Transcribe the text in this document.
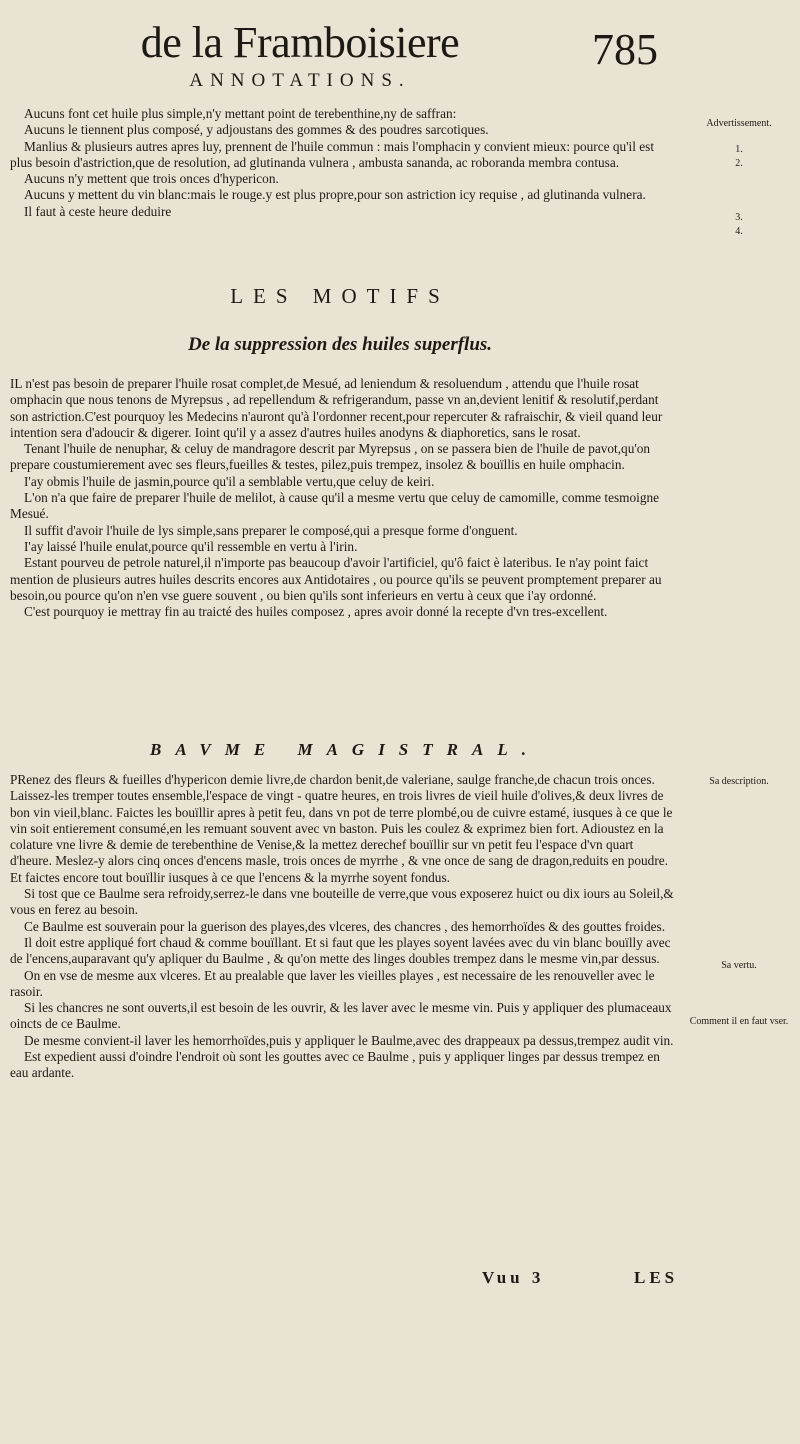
de la Framboisiere	785
ANNOTATIONS.

Aucuns font cet huile plus simple,n'y mettant point de terebenthine,ny de saffran:

Aucuns le tiennent plus composé, y adjoustans des gommes & des poudres sarcotiques.

Manlius & plusieurs autres apres luy, prennent de l'huile commun : mais l'omphacin y convient mieux: pource qu'il est plus besoin d'astriction,que de resolution, ad glutinanda vulnera , ambusta sananda, ac roboranda membra contusa.

Aucuns n'y mettent que trois onces d'hypericon.

Aucuns y mettent du vin blanc:mais le rouge.y est plus propre,pour son astriction icy requise , ad glutinanda vulnera.

Il faut à ceste heure deduire

Advertissement.
1.
2.
3.
4.
LES MOTIFS
De la suppression des huiles superflus.

IL n'est pas besoin de preparer l'huile rosat complet,de Mesué, ad leniendum & resoluendum , attendu que l'huile rosat omphacin que nous tenons de Myrepsus , ad repellendum & refrigerandum, passe vn an,devient lenitif & resolutif,perdant son astriction.C'est pourquoy les Medecins n'auront qu'à l'ordonner recent,pour repercuter & rafraischir, & vieil quand leur intention sera d'adoucir & digerer. Ioint qu'il y a assez d'autres huiles anodyns & diaphoretics, sans le rosat.

Tenant l'huile de nenuphar, & celuy de mandragore descrit par Myrepsus , on se passera bien de l'huile de pavot,qu'on prepare coustumierement avec ses fleurs,fueilles & testes, pilez,puis trempez, insolez & bouïllis en huile omphacin.

I'ay obmis l'huile de jasmin,pource qu'il a semblable vertu,que celuy de keiri.

L'on n'a que faire de preparer l'huile de melilot, à cause qu'il a mesme vertu que celuy de camomille, comme tesmoigne Mesué.

Il suffit d'avoir l'huile de lys simple,sans preparer le composé,qui a presque forme d'onguent.

I'ay laissé l'huile enulat,pource qu'il ressemble en vertu à l'irin.

Estant pourveu de petrole naturel,il n'importe pas beaucoup d'avoir l'artificiel, qu'ô faict è lateribus. Ie n'ay point faict mention de plusieurs autres huiles descrits encores aux Antidotaires , ou pource qu'ils se peuvent promptement preparer au besoin,ou pource qu'on n'en vse guere souvent , ou bien qu'ils sont inferieurs en vertu à ceux que i'ay ordonné.

C'est pourquoy ie mettray fin au traicté des huiles composez , apres avoir donné la recepte d'vn tres-excellent.

BAVME MAGISTRAL.

PRenez des fleurs & fueilles d'hypericon demie livre,de chardon benit,de valeriane, saulge franche,de chacun trois onces. Laissez-les tremper toutes ensemble,l'espace de vingt - quatre heures, en trois livres de vieil huile d'olives,& deux livres de bon vin vieil,blanc. Faictes les bouïllir apres à petit feu, dans vn pot de terre plombé,ou de cuivre estamé, iusques à ce que le vin soit entierement consumé,en les remuant souvent avec vn baston. Puis les coulez & exprimez bien fort. Adioustez en la colature vne livre & demie de terebenthine de Venise,& la mettez derechef bouïllir sur vn petit feu l'espace d'vn quart d'heure. Meslez-y alors cinq onces d'encens masle, trois onces de myrrhe , & vne once de sang de dragon,reduits en poudre. Et faictes encore tout bouïllir iusques à ce que l'encens & la myrrhe soyent fondus.

Si tost que ce Baulme sera refroidy,serrez-le dans vne bouteille de verre,que vous exposerez huict ou dix iours au Soleil,& vous en ferez au besoin.

Ce Baulme est souverain pour la guerison des playes,des vlceres, des chancres , des hemorrhoïdes & des gouttes froides.

Il doit estre appliqué fort chaud & comme bouïllant. Et si faut que les playes soyent lavées avec du vin blanc bouïlly avec de l'encens,auparavant qu'y apliquer du Baulme , & qu'on mette des linges doubles trempez dans le mesme vin,par dessus.

On en vse de mesme aux vlceres. Et au prealable que laver les vieilles playes , est necessaire de les renouveller avec le rasoir.

Si les chancres ne sont ouverts,il est besoin de les ouvrir, & les laver avec le mesme vin. Puis y appliquer des plumaceaux oincts de ce Baulme.

De mesme convient-il laver les hemorrhoïdes,puis y appliquer le Baulme,avec des drappeaux pa dessus,trempez audit vin.

Est expedient aussi d'oindre l'endroit où sont les gouttes avec ce Baulme , puis y appliquer linges par dessus trempez en eau ardante.

Sa description.
Sa vertu.
Comment il en faut vser.
Vuu 3	LES
